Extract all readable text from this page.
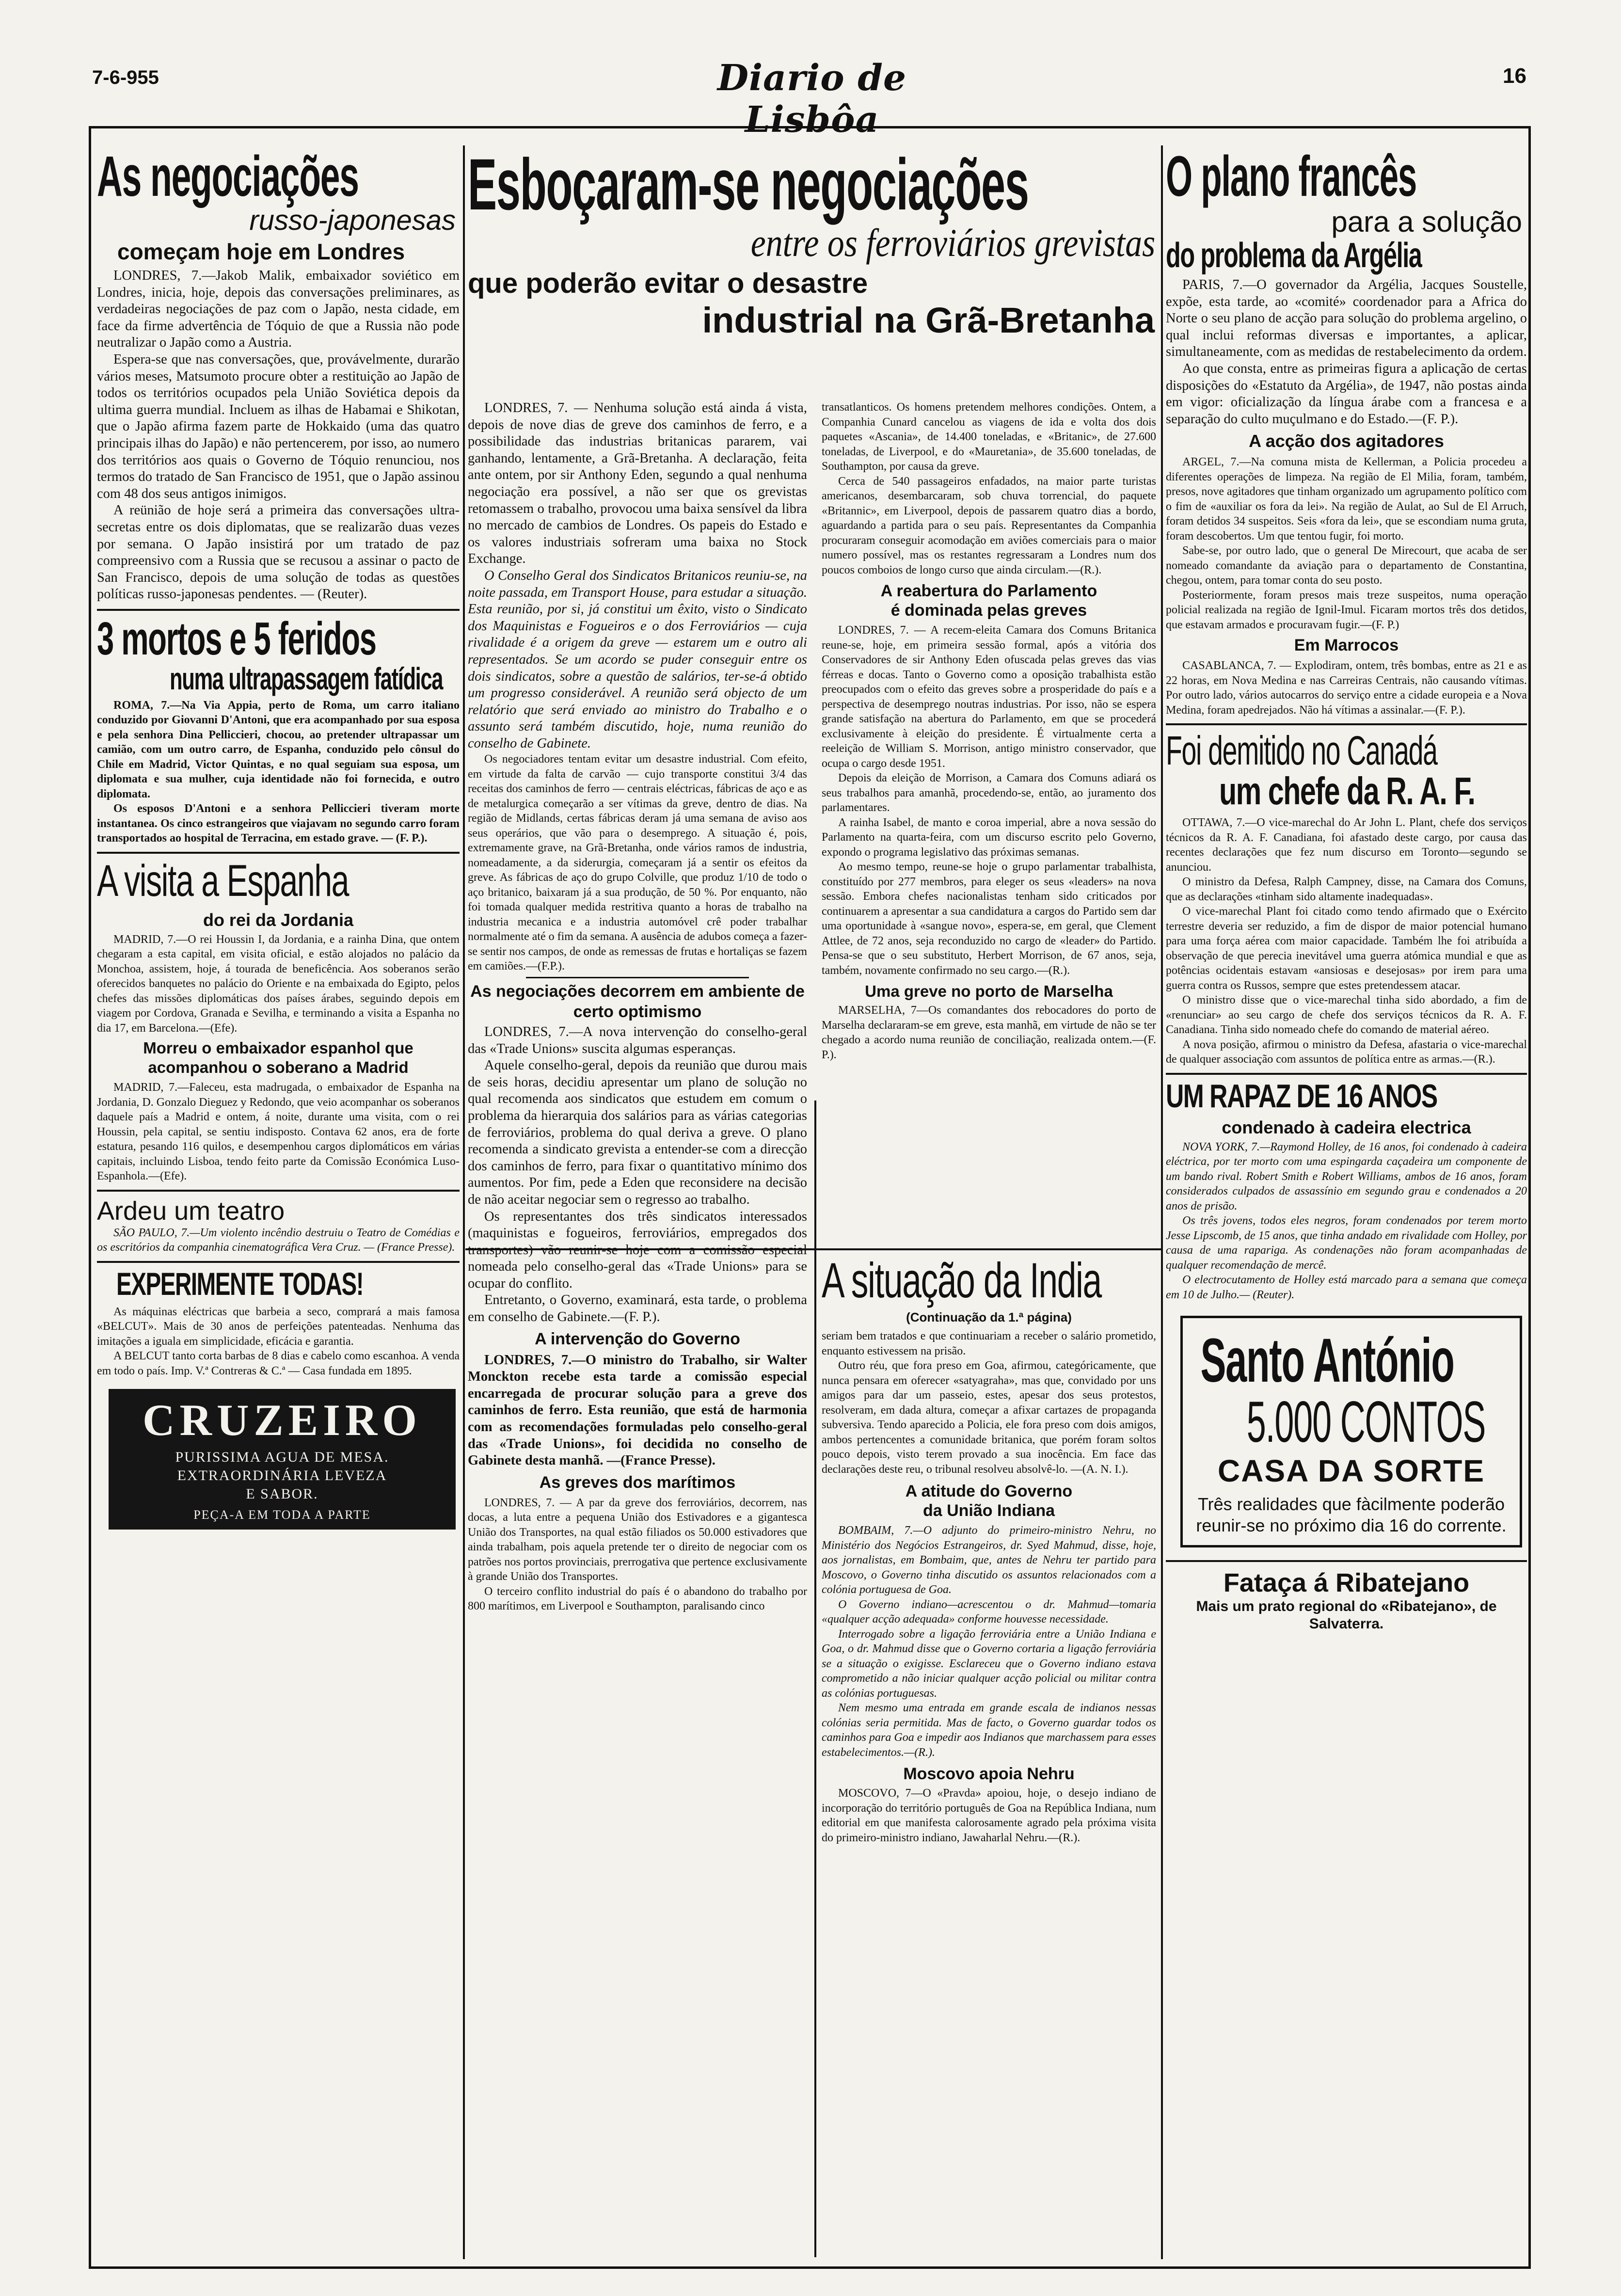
7-6-955	Diario de Lisbôa
16
As negociações
russo-japonesas
começam hoje em Londres

LONDRES, 7.—Jakob Malik, embaixador soviético em Londres, inicia, hoje, depois das conversações preliminares, as verdadeiras negociações de paz com o Japão, nesta cidade, em face da firme advertência de Tóquio de que a Russia não pode neutralizar o Japão como a Austria.

Espera-se que nas conversações, que, provávelmente, durarão vários meses, Matsumoto procure obter a restituição ao Japão de todos os territórios ocupados pela União Soviética depois da ultima guerra mundial. Incluem as ilhas de Habamai e Shikotan, que o Japão afirma fazem parte de Hokkaido (uma das quatro principais ilhas do Japão) e não pertencerem, por isso, ao numero dos territórios aos quais o Governo de Tóquio renunciou, nos termos do tratado de San Francisco de 1951, que o Japão assinou com 48 dos seus antigos inimigos.

A reünião de hoje será a primeira das conversações ultra-secretas entre os dois diplomatas, que se realizarão duas vezes por semana. O Japão insistirá por um tratado de paz compreensivo com a Russia que se recusou a assinar o pacto de San Francisco, depois de uma solução de todas as questões políticas russo-japonesas pendentes. — (Reuter).

3 mortos e 5 feridos
numa ultrapassagem fatídica

ROMA, 7.—Na Via Appia, perto de Roma, um carro italiano conduzido por Giovanni D'Antoni, que era acompanhado por sua esposa e pela senhora Dina Pelliccieri, chocou, ao pretender ultrapassar um camião, com um outro carro, de Espanha, conduzido pelo cônsul do Chile em Madrid, Victor Quintas, e no qual seguiam sua esposa, um diplomata e sua mulher, cuja identidade não foi fornecida, e outro diplomata.

Os esposos D'Antoni e a senhora Pelliccieri tiveram morte instantanea. Os cinco estrangeiros que viajavam no segundo carro foram transportados ao hospital de Terracina, em estado grave. — (F. P.).

A visita a Espanha
do rei da Jordania

MADRID, 7.—O rei Houssin I, da Jordania, e a rainha Dina, que ontem chegaram a esta capital, em visita oficial, e estão alojados no palácio da Monchoa, assistem, hoje, á tourada de beneficência. Aos soberanos serão oferecidos banquetes no palácio do Oriente e na embaixada do Egipto, pelos chefes das missões diplomáticas dos países árabes, seguindo depois em viagem por Cordova, Granada e Sevilha, e terminando a visita a Espanha no dia 17, em Barcelona.—(Efe).

Morreu o embaixador espanhol que acompanhou o soberano a Madrid

MADRID, 7.—Faleceu, esta madrugada, o embaixador de Espanha na Jordania, D. Gonzalo Dieguez y Redondo, que veio acompanhar os soberanos daquele país a Madrid e ontem, á noite, durante uma visita, com o rei Houssin, pela capital, se sentiu indisposto. Contava 62 anos, era de forte estatura, pesando 116 quilos, e desempenhou cargos diplomáticos em várias capitais, incluindo Lisboa, tendo feito parte da Comissão Económica Luso-Espanhola.—(Efe).

Ardeu um teatro

SÃO PAULO, 7.—Um violento incêndio destruiu o Teatro de Comédias e os escritórios da companhia cinematográfica Vera Cruz. — (France Presse).

EXPERIMENTE TODAS!

As máquinas eléctricas que barbeia a seco, comprará a mais famosa «BELCUT». Mais de 30 anos de perfeições patenteadas. Nenhuma das imitações a iguala em simplicidade, eficácia e garantia.

A BELCUT tanto corta barbas de 8 dias e cabelo como escanhoa. A venda em todo o país. Imp. V.ª Contreras & C.ª — Casa fundada em 1895.

CRUZEIRO
PURISSIMA AGUA DE MESA.
EXTRAORDINÁRIA LEVEZA
E SABOR.
PEÇA-A EM TODA A PARTE
Esboçaram-se negociações
entre os ferroviários grevistas
que poderão evitar o desastre
industrial na Grã-Bretanha

LONDRES, 7. — Nenhuma solução está ainda á vista, depois de nove dias de greve dos caminhos de ferro, e a possibilidade das industrias britanicas pararem, vai ganhando, lentamente, a Grã-Bretanha. A declaração, feita ante ontem, por sir Anthony Eden, segundo a qual nenhuma negociação era possível, a não ser que os grevistas retomassem o trabalho, provocou uma baixa sensível da libra no mercado de cambios de Londres. Os papeis do Estado e os valores industriais sofreram uma baixa no Stock Exchange.

O Conselho Geral dos Sindicatos Britanicos reuniu-se, na noite passada, em Transport House, para estudar a situação. Esta reunião, por si, já constitui um êxito, visto o Sindicato dos Maquinistas e Fogueiros e o dos Ferroviários — cuja rivalidade é a origem da greve — estarem um e outro ali representados. Se um acordo se puder conseguir entre os dois sindicatos, sobre a questão de salários, ter-se-á obtido um progresso considerável. A reunião será objecto de um relatório que será enviado ao ministro do Trabalho e o assunto será também discutido, hoje, numa reunião do conselho de Gabinete.

Os negociadores tentam evitar um desastre industrial. Com efeito, em virtude da falta de carvão — cujo transporte constitui 3/4 das receitas dos caminhos de ferro — centrais eléctricas, fábricas de aço e as de metalurgica começarão a ser vítimas da greve, dentro de dias. Na região de Midlands, certas fábricas deram já uma semana de aviso aos seus operários, que vão para o desemprego. A situação é, pois, extremamente grave, na Grã-Bretanha, onde vários ramos de industria, nomeadamente, a da siderurgia, começaram já a sentir os efeitos da greve. As fábricas de aço do grupo Colville, que produz 1/10 de todo o aço britanico, baixaram já a sua produção, de 50 %. Por enquanto, não foi tomada qualquer medida restritiva quanto a horas de trabalho na industria mecanica e a industria automóvel crê poder trabalhar normalmente até o fim da semana. A ausência de adubos começa a fazer-se sentir nos campos, de onde as remessas de frutas e hortaliças se fazem em camiões.—(F.P.).

As negociações decorrem em ambiente de certo optimismo

LONDRES, 7.—A nova intervenção do conselho-geral das «Trade Unions» suscita algumas esperanças.

Aquele conselho-geral, depois da reunião que durou mais de seis horas, decidiu apresentar um plano de solução no qual recomenda aos sindicatos que estudem em comum o problema da hierarquia dos salários para as várias categorias de ferroviários, problema do qual deriva a greve. O plano recomenda a sindicato grevista a entender-se com a direcção dos caminhos de ferro, para fixar o quantitativo mínimo dos aumentos. Por fim, pede a Eden que reconsidere na decisão de não aceitar negociar sem o regresso ao trabalho.

Os representantes dos três sindicatos interessados (maquinistas e fogueiros, ferroviários, empregados dos transportes) vão reunir-se hoje com a comissão especial nomeada pelo conselho-geral das «Trade Unions» para se ocupar do conflito.

Entretanto, o Governo, examinará, esta tarde, o problema em conselho de Gabinete.—(F. P.).

A intervenção do Governo

LONDRES, 7.—O ministro do Trabalho, sir Walter Monckton recebe esta tarde a comissão especial encarregada de procurar solução para a greve dos caminhos de ferro. Esta reunião, que está de harmonia com as recomendações formuladas pelo conselho-geral das «Trade Unions», foi decidida no conselho de Gabinete desta manhã. —(France Presse).

As greves dos marítimos

LONDRES, 7. — A par da greve dos ferroviários, decorrem, nas docas, a luta entre a pequena União dos Estivadores e a gigantesca União dos Transportes, na qual estão filiados os 50.000 estivadores que ainda trabalham, pois aquela pretende ter o direito de negociar com os patrões nos portos provinciais, prerrogativa que pertence exclusivamente à grande União dos Transportes.

O terceiro conflito industrial do país é o abandono do trabalho por 800 marítimos, em Liverpool e Southampton, paralisando cinco

transatlanticos. Os homens pretendem melhores condições. Ontem, a Companhia Cunard cancelou as viagens de ida e volta dos dois paquetes «Ascania», de 14.400 toneladas, e «Britanic», de 27.600 toneladas, de Liverpool, e do «Mauretania», de 35.600 toneladas, de Southampton, por causa da greve.

Cerca de 540 passageiros enfadados, na maior parte turistas americanos, desembarcaram, sob chuva torrencial, do paquete «Britannic», em Liverpool, depois de passarem quatro dias a bordo, aguardando a partida para o seu país. Representantes da Companhia procuraram conseguir acomodação em aviões comerciais para o maior numero possível, mas os restantes regressaram a Londres num dos poucos comboios de longo curso que ainda circulam.—(R.).

A reabertura do Parlamento
é dominada pelas greves

LONDRES, 7. — A recem-eleita Camara dos Comuns Britanica reune-se, hoje, em primeira sessão formal, após a vitória dos Conservadores de sir Anthony Eden ofuscada pelas greves das vias férreas e docas. Tanto o Governo como a oposição trabalhista estão preocupados com o efeito das greves sobre a prosperidade do país e a perspectiva de desemprego noutras industrias. Por isso, não se espera grande satisfação na abertura do Parlamento, em que se procederá exclusivamente à eleição do presidente. É virtualmente certa a reeleição de William S. Morrison, antigo ministro conservador, que ocupa o cargo desde 1951.

Depois da eleição de Morrison, a Camara dos Comuns adiará os seus trabalhos para amanhã, procedendo-se, então, ao juramento dos parlamentares.

A rainha Isabel, de manto e coroa imperial, abre a nova sessão do Parlamento na quarta-feira, com um discurso escrito pelo Governo, expondo o programa legislativo das próximas semanas.

Ao mesmo tempo, reune-se hoje o grupo parlamentar trabalhista, constituído por 277 membros, para eleger os seus «leaders» na nova sessão. Embora chefes nacionalistas tenham sido criticados por continuarem a apresentar a sua candidatura a cargos do Partido sem dar uma oportunidade à «sangue novo», espera-se, em geral, que Clement Attlee, de 72 anos, seja reconduzido no cargo de «leader» do Partido. Pensa-se que o seu substituto, Herbert Morrison, de 67 anos, seja, também, novamente confirmado no seu cargo.—(R.).

Uma greve no porto de Marselha

MARSELHA, 7—Os comandantes dos rebocadores do porto de Marselha declararam-se em greve, esta manhã, em virtude de não se ter chegado a acordo numa reunião de conciliação, realizada ontem.—(F. P.).

A situação da India
(Continuação da 1.ª página)

seriam bem tratados e que continuariam a receber o salário prometido, enquanto estivessem na prisão.

Outro réu, que fora preso em Goa, afirmou, categóricamente, que nunca pensara em oferecer «satyagraha», mas que, convidado por uns amigos para dar um passeio, estes, apesar dos seus protestos, resolveram, em dada altura, começar a afixar cartazes de propaganda subversiva. Tendo aparecido a Policia, ele fora preso com dois amigos, ambos pertencentes a comunidade britanica, que porém foram soltos pouco depois, visto terem provado a sua inocência. Em face das declarações deste reu, o tribunal resolveu absolvê-lo. —(A. N. I.).

A atitude do Governo
da União Indiana

BOMBAIM, 7.—O adjunto do primeiro-ministro Nehru, no Ministério dos Negócios Estrangeiros, dr. Syed Mahmud, disse, hoje, aos jornalistas, em Bombaim, que, antes de Nehru ter partido para Moscovo, o Governo tinha discutido os assuntos relacionados com a colónia portuguesa de Goa.

O Governo indiano—acrescentou o dr. Mahmud—tomaria «qualquer acção adequada» conforme houvesse necessidade.

Interrogado sobre a ligação ferroviária entre a União Indiana e Goa, o dr. Mahmud disse que o Governo cortaria a ligação ferroviária se a situação o exigisse. Esclareceu que o Governo indiano estava comprometido a não iniciar qualquer acção policial ou militar contra as colónias portuguesas.

Nem mesmo uma entrada em grande escala de indianos nessas colónias seria permitida. Mas de facto, o Governo guardar todos os caminhos para Goa e impedir aos Indianos que marchassem para esses estabelecimentos.—(R.).

Moscovo apoia Nehru

MOSCOVO, 7—O «Pravda» apoiou, hoje, o desejo indiano de incorporação do território português de Goa na República Indiana, num editorial em que manifesta calorosamente agrado pela próxima visita do primeiro-ministro indiano, Jawaharlal Nehru.—(R.).

O plano francês
para a solução
do problema da Argélia

PARIS, 7.—O governador da Argélia, Jacques Soustelle, expõe, esta tarde, ao «comité» coordenador para a Africa do Norte o seu plano de acção para solução do problema argelino, o qual inclui reformas diversas e importantes, a aplicar, simultaneamente, com as medidas de restabelecimento da ordem.

Ao que consta, entre as primeiras figura a aplicação de certas disposições do «Estatuto da Argélia», de 1947, não postas ainda em vigor: oficialização da língua árabe com a francesa e a separação do culto muçulmano e do Estado.—(F. P.).

A acção dos agitadores

ARGEL, 7.—Na comuna mista de Kellerman, a Policia procedeu a diferentes operações de limpeza. Na região de El Milia, foram, também, presos, nove agitadores que tinham organizado um agrupamento político com o fim de «auxiliar os fora da lei». Na região de Aulat, ao Sul de El Arruch, foram detidos 34 suspeitos. Seis «fora da lei», que se escondiam numa gruta, foram descobertos. Um que tentou fugir, foi morto.

Sabe-se, por outro lado, que o general De Mirecourt, que acaba de ser nomeado comandante da aviação para o departamento de Constantina, chegou, ontem, para tomar conta do seu posto.

Posteriormente, foram presos mais treze suspeitos, numa operação policial realizada na região de Ignil-Imul. Ficaram mortos três dos detidos, que estavam armados e procuravam fugir.—(F. P.)

Em Marrocos

CASABLANCA, 7. — Explodiram, ontem, três bombas, entre as 21 e as 22 horas, em Nova Medina e nas Carreiras Centrais, não causando vítimas. Por outro lado, vários autocarros do serviço entre a cidade europeia e a Nova Medina, foram apedrejados. Não há vítimas a assinalar.—(F. P.).

Foi demitido no Canadá
um chefe da R. A. F.

OTTAWA, 7.—O vice-marechal do Ar John L. Plant, chefe dos serviços técnicos da R. A. F. Canadiana, foi afastado deste cargo, por causa das recentes declarações que fez num discurso em Toronto—segundo se anunciou.

O ministro da Defesa, Ralph Campney, disse, na Camara dos Comuns, que as declarações «tinham sido altamente inadequadas».

O vice-marechal Plant foi citado como tendo afirmado que o Exército terrestre deveria ser reduzido, a fim de dispor de maior potencial humano para uma força aérea com maior capacidade. Também lhe foi atribuída a observação de que perecia inevitável uma guerra atómica mundial e que as potências ocidentais estavam «ansiosas e desejosas» por irem para uma guerra contra os Russos, sempre que estes pretendessem atacar.

O ministro disse que o vice-marechal tinha sido abordado, a fim de «renunciar» ao seu cargo de chefe dos serviços técnicos da R. A. F. Canadiana. Tinha sido nomeado chefe do comando de material aéreo.

A nova posição, afirmou o ministro da Defesa, afastaria o vice-marechal de qualquer associação com assuntos de política entre as armas.—(R.).

UM RAPAZ DE 16 ANOS
condenado à cadeira electrica

NOVA YORK, 7.—Raymond Holley, de 16 anos, foi condenado à cadeira eléctrica, por ter morto com uma espingarda caçadeira um componente de um bando rival. Robert Smith e Robert Williams, ambos de 16 anos, foram considerados culpados de assassínio em segundo grau e condenados a 20 anos de prisão.

Os três jovens, todos eles negros, foram condenados por terem morto Jesse Lipscomb, de 15 anos, que tinha andado em rivalidade com Holley, por causa de uma rapariga. As condenações não foram acompanhadas de qualquer recomendação de mercê.

O electrocutamento de Holley está marcado para a semana que começa em 10 de Julho.— (Reuter).

Santo António
5.000 CONTOS
CASA DA SORTE
Três realidades que fàcilmente poderão reunir-se no próximo dia 16 do corrente.
Fataça á Ribatejano
Mais um prato regional do «Ribatejano», de Salvaterra.
